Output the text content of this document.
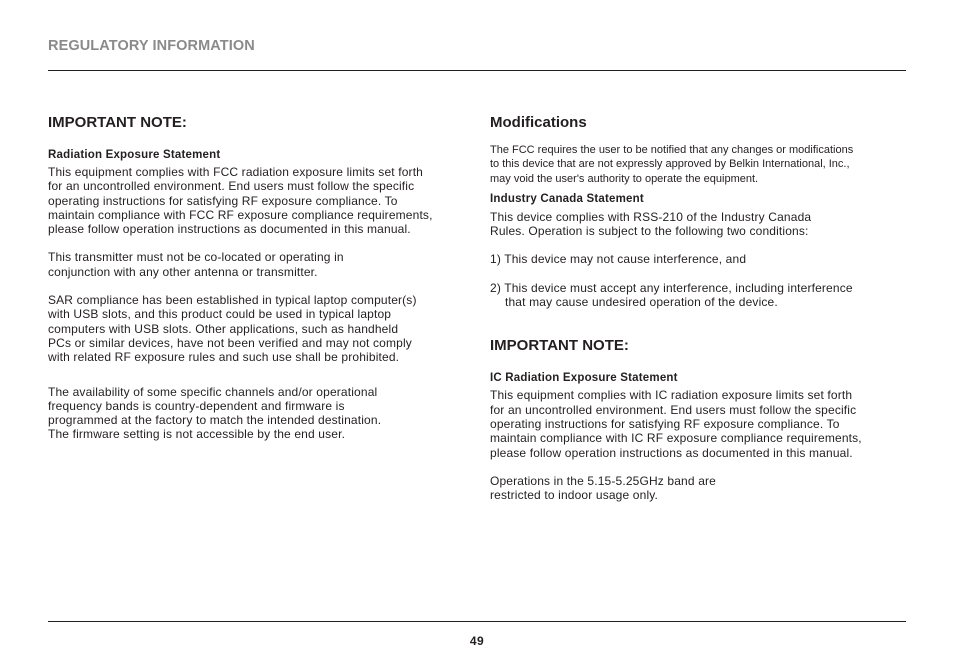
REGULATORY INFORMATION
IMPORTANT NOTE:
Radiation Exposure Statement

This equipment complies with FCC radiation exposure limits set forth
for an uncontrolled environment. End users must follow the specific
operating instructions for satisfying RF exposure compliance. To
maintain compliance with FCC RF exposure compliance requirements,
please follow operation instructions as documented in this manual.

This transmitter must not be co-located or operating in
conjunction with any other antenna or transmitter.

SAR compliance has been established in typical laptop computer(s)
with USB slots, and this product could be used in typical laptop
computers with USB slots. Other applications, such as handheld
PCs or similar devices, have not been verified and may not comply
with related RF exposure rules and such use shall be prohibited.

The availability of some specific channels and/or operational
frequency bands is country-dependent and firmware is
programmed at the factory to match the intended destination.
The firmware setting is not accessible by the end user.

Modifications

The FCC requires the user to be notified that any changes or modifications
to this device that are not expressly approved by Belkin International, Inc.,
may void the user's authority to operate the equipment.

Industry Canada Statement

This device complies with RSS-210 of the Industry Canada
Rules. Operation is subject to the following two conditions:

1) This device may not cause interference, and

2) This device must accept any interference, including interference
that may cause undesired operation of the device.

IMPORTANT NOTE:
IC Radiation Exposure Statement

This equipment complies with IC radiation exposure limits set forth
for an uncontrolled environment. End users must follow the specific
operating instructions for satisfying RF exposure compliance. To
maintain compliance with IC RF exposure compliance requirements,
please follow operation instructions as documented in this manual.

Operations in the 5.15-5.25GHz band are
restricted to indoor usage only.

49
